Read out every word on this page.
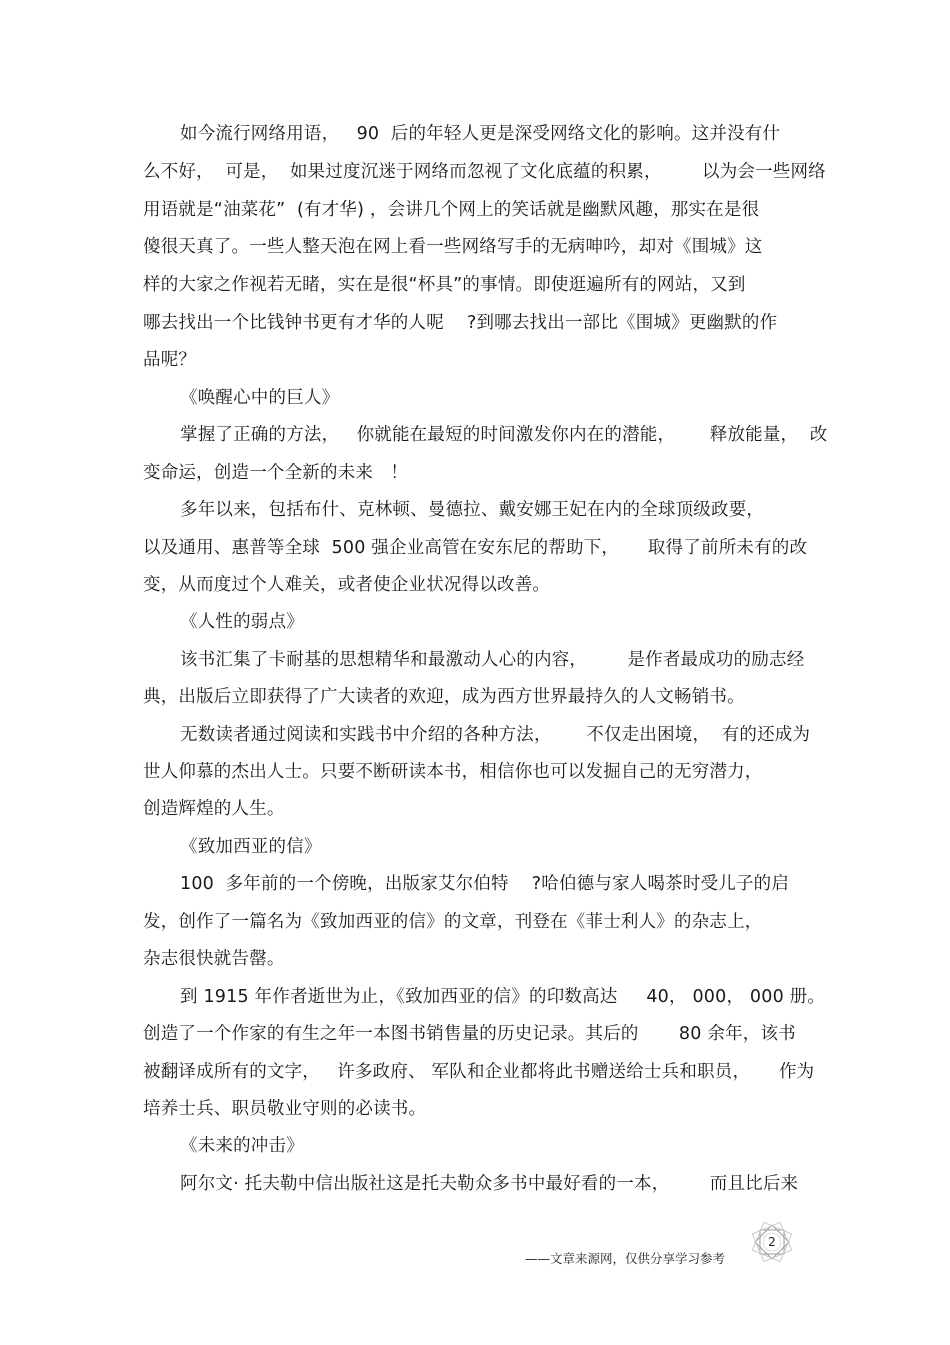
如今流行网络用语，   90  后的年轻人更是深受网络文化的影响。这并没有什
么不好，  可是，  如果过度沉迷于网络而忽视了文化底蕴的积累，       以为会一些网络
用语就是“油菜花”  (有才华) ，会讲几个网上的笑话就是幽默风趣，那实在是很
傻很天真了。一些人整天泡在网上看一些网络写手的无病呻吟，却对《围城》这
样的大家之作视若无睹，实在是很“杯具”的事情。即使逛遍所有的网站，又到
哪去找出一个比钱钟书更有才华的人呢    ?到哪去找出一部比《围城》更幽默的作
品呢？
《唤醒心中的巨人》
掌握了正确的方法，   你就能在最短的时间激发你内在的潜能，      释放能量，  改
变命运，创造一个全新的未来   ！
多年以来，包括布什、克林顿、曼德拉、戴安娜王妃在内的全球顶级政要，
以及通用、惠普等全球  500 强企业高管在安东尼的帮助下，     取得了前所未有的改
变，从而度过个人难关，或者使企业状况得以改善。
《人性的弱点》
该书汇集了卡耐基的思想精华和最激动人心的内容，       是作者最成功的励志经
典，出版后立即获得了广大读者的欢迎，成为西方世界最持久的人文畅销书。
无数读者通过阅读和实践书中介绍的各种方法，      不仅走出困境，  有的还成为
世人仰慕的杰出人士。只要不断研读本书，相信你也可以发掘自己的无穷潜力，
创造辉煌的人生。
《致加西亚的信》
100  多年前的一个傍晚，出版家艾尔伯特    ?哈伯德与家人喝茶时受儿子的启
发，创作了一篇名为《致加西亚的信》的文章，刊登在《菲士利人》的杂志上，
杂志很快就告罄。
到 1915 年作者逝世为止，《致加西亚的信》的印数高达     40， 000， 000 册。
创造了一个作家的有生之年一本图书销售量的历史记录。其后的       80 余年，该书
被翻译成所有的文字，   许多政府、 军队和企业都将此书赠送给士兵和职员，     作为
培养士兵、职员敬业守则的必读书。
《未来的冲击》
阿尔文· 托夫勒中信出版社这是托夫勒众多书中最好看的一本，       而且比后来
2
——文章来源网，仅供分享学习参考
